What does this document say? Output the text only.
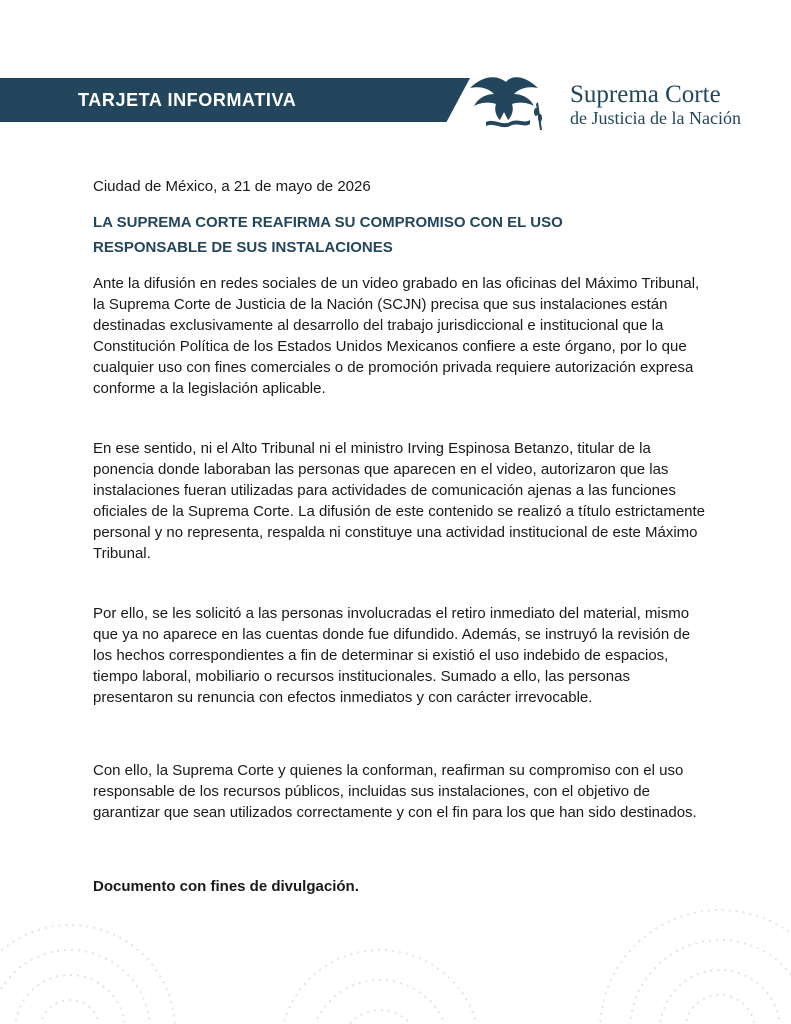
TARJETA INFORMATIVA	Suprema Corte
de Justicia de la Nación
Ciudad de México, a 21 de mayo de 2026
LA SUPREMA CORTE REAFIRMA SU COMPROMISO CON EL USO RESPONSABLE DE SUS INSTALACIONES
Ante la difusión en redes sociales de un video grabado en las oficinas del Máximo Tribunal, la Suprema Corte de Justicia de la Nación (SCJN) precisa que sus instalaciones están destinadas exclusivamente al desarrollo del trabajo jurisdiccional e institucional que la Constitución Política de los Estados Unidos Mexicanos confiere a este órgano, por lo que cualquier uso con fines comerciales o de promoción privada requiere autorización expresa conforme a la legislación aplicable.
En ese sentido, ni el Alto Tribunal ni el ministro Irving Espinosa Betanzo, titular de la ponencia donde laboraban las personas que aparecen en el video, autorizaron que las instalaciones fueran utilizadas para actividades de comunicación ajenas a las funciones oficiales de la Suprema Corte. La difusión de este contenido se realizó a título estrictamente personal y no representa, respalda ni constituye una actividad institucional de este Máximo Tribunal.
Por ello, se les solicitó a las personas involucradas el retiro inmediato del material, mismo que ya no aparece en las cuentas donde fue difundido. Además, se instruyó la revisión de los hechos correspondientes a fin de determinar si existió el uso indebido de espacios, tiempo laboral, mobiliario o recursos institucionales. Sumado a ello, las personas presentaron su renuncia con efectos inmediatos y con carácter irrevocable.
Con ello, la Suprema Corte y quienes la conforman, reafirman su compromiso con el uso responsable de los recursos públicos, incluidas sus instalaciones, con el objetivo de garantizar que sean utilizados correctamente y con el fin para los que han sido destinados.
Documento con fines de divulgación.
